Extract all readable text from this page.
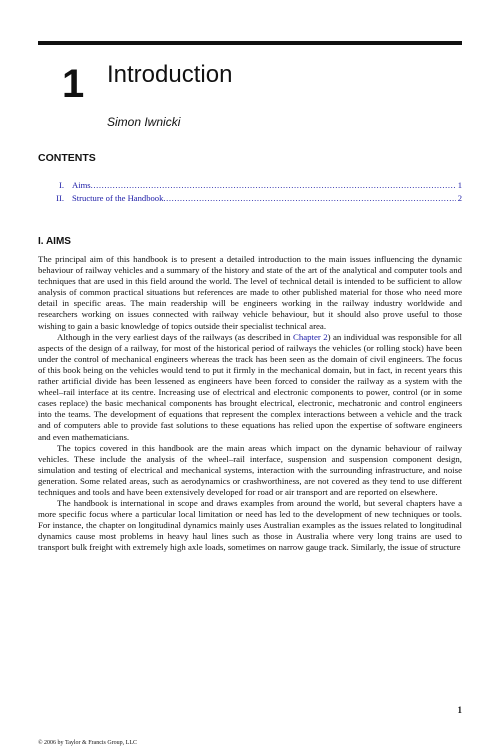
1 Introduction
Simon Iwnicki
CONTENTS
I. Aims .....	1
II. Structure of the Handbook .....	2
I. AIMS

The principal aim of this handbook is to present a detailed introduction to the main issues influencing the dynamic behaviour of railway vehicles and a summary of the history and state of the art of the analytical and computer tools and techniques that are used in this field around the world. The level of technical detail is intended to be sufficient to allow analysis of common practical situations but references are made to other published material for those who need more detail in specific areas. The main readership will be engineers working in the railway industry worldwide and researchers working on issues connected with railway vehicle behaviour, but it should also prove useful to those wishing to gain a basic knowledge of topics outside their specialist technical area.

Although in the very earliest days of the railways (as described in Chapter 2) an individual was responsible for all aspects of the design of a railway, for most of the historical period of railways the vehicles (or rolling stock) have been under the control of mechanical engineers whereas the track has been seen as the domain of civil engineers. The focus of this book being on the vehicles would tend to put it firmly in the mechanical domain, but in fact, in recent years this rather artificial divide has been lessened as engineers have been forced to consider the railway as a system with the wheel–rail interface at its centre. Increasing use of electrical and electronic components to power, control (or in some cases replace) the basic mechanical components has brought electrical, electronic, mechatronic and control engineers into the teams. The development of equations that represent the complex interactions between a vehicle and the track and of computers able to provide fast solutions to these equations has relied upon the expertise of software engineers and even mathematicians.

The topics covered in this handbook are the main areas which impact on the dynamic behaviour of railway vehicles. These include the analysis of the wheel–rail interface, suspension and suspension component design, simulation and testing of electrical and mechanical systems, interaction with the surrounding infrastructure, and noise generation. Some related areas, such as aerodynamics or crashworthiness, are not covered as they tend to use different techniques and tools and have been extensively developed for road or air transport and are reported on elsewhere.

The handbook is international in scope and draws examples from around the world, but several chapters have a more specific focus where a particular local limitation or need has led to the development of new techniques or tools. For instance, the chapter on longitudinal dynamics mainly uses Australian examples as the issues related to longitudinal dynamics cause most problems in heavy haul lines such as those in Australia where very long trains are used to transport bulk freight with extremely high axle loads, sometimes on narrow gauge track. Similarly, the issue of structure

1
© 2006 by Taylor & Francis Group, LLC
